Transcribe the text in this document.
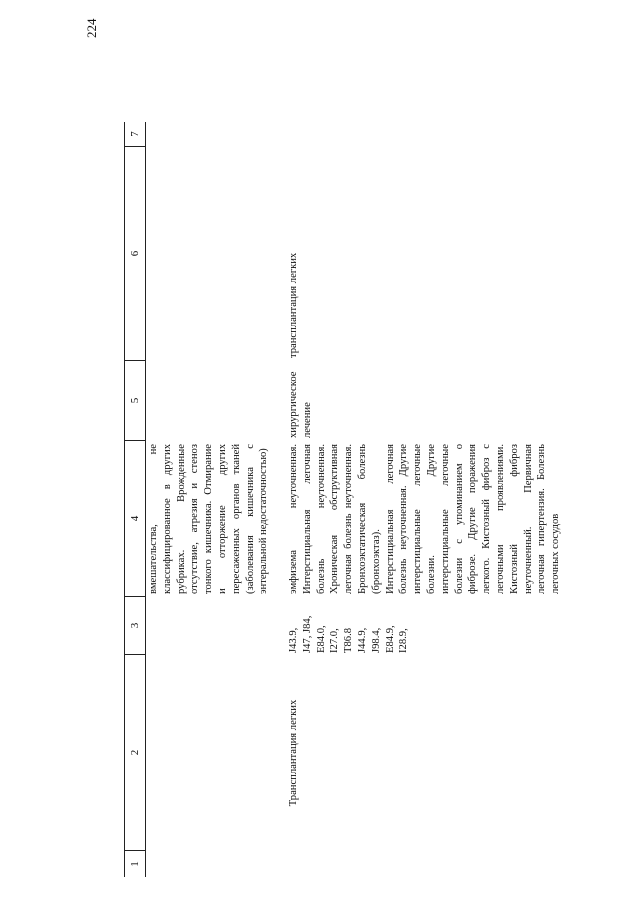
224
1
2
3
4
5
6
7
вмешательства, не классифицированное в других рубриках. Врожденные отсутствие, атрезия и стеноз тонкого кишечника. Отмирание и отторжение других пересаженных органов тканей (заболевания кишечника с энтеральной недостаточностью)
Трансплантация легких
J43.9, J47, J84, E84.0, I27.0, T86.8 J44.9, J98.4, E84.9, I28.9,
эмфизема неуточненная. Интерстициальная легочная болезнь неуточненная. Хроническая обструктивная легочная болезнь неуточненная. Бронхоэктатическая болезнь (бронхоэктаз). Интерстициальная легочная болезнь неуточненная. Другие интерстициальные легочные болезни. Другие интерстициальные легочные болезни с упоминанием о фиброзе. Другие поражения легкого. Кистозный фиброз с легочными проявлениями. Кистозный фиброз неуточненный. Первичная легочная гипертензия. Болезнь легочных сосудов
хирургическое лечение
трансплантация легких
